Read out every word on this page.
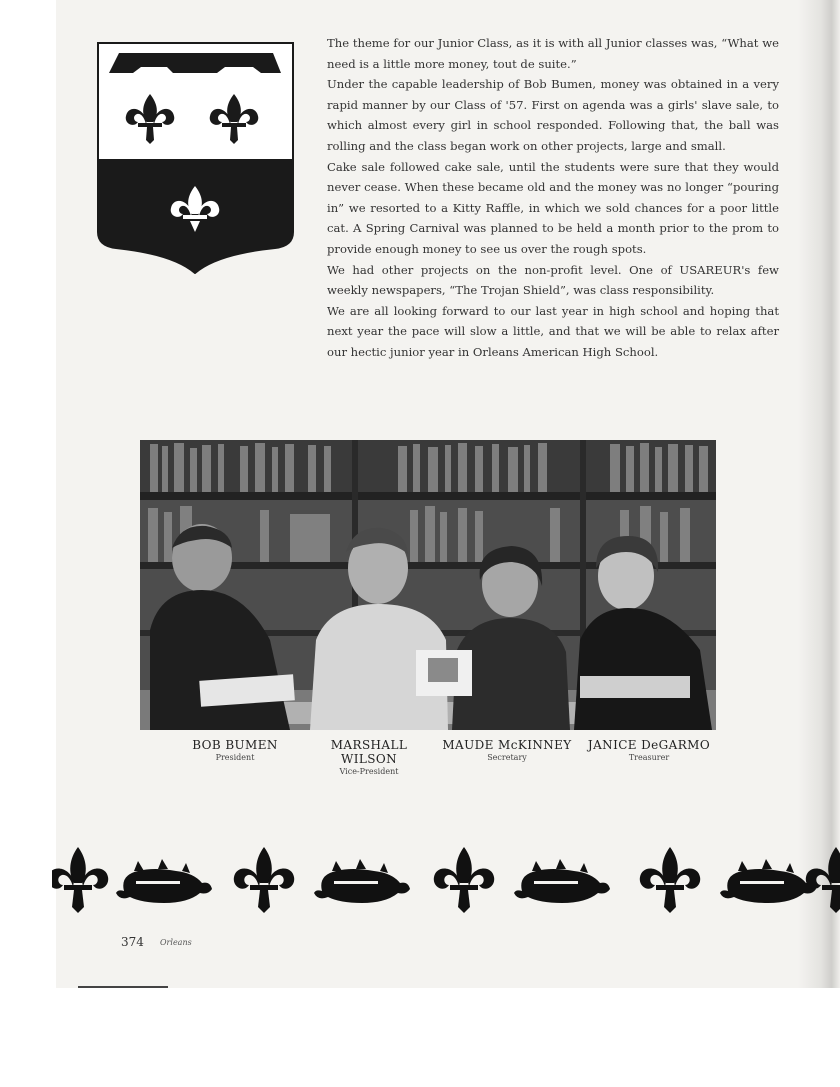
The theme for our Junior Class, as it is with all Junior classes was, “What we need is a little more money, tout de suite.”

Under the capable leadership of Bob Bumen, money was obtained in a very rapid manner by our Class of '57. First on agenda was a girls' slave sale, to which almost every girl in school responded. Following that, the ball was rolling and the class began work on other projects, large and small.

Cake sale followed cake sale, until the students were sure that they would never cease. When these became old and the money was no longer “pouring in” we resorted to a Kitty Raffle, in which we sold chances for a poor little cat. A Spring Carnival was planned to be held a month prior to the prom to provide enough money to see us over the rough spots.

We had other projects on the non-profit level. One of USAREUR's few weekly newspapers, “The Trojan Shield”, was class responsibility.

We are all looking forward to our last year in high school and hoping that next year the pace will slow a little, and that we will be able to relax after our hectic junior year in Orleans American High School.

BOB BUMEN
President
MARSHALL WILSON
Vice-President
MAUDE McKINNEY
Secretary
JANICE DeGARMO
Treasurer
374 Orleans
